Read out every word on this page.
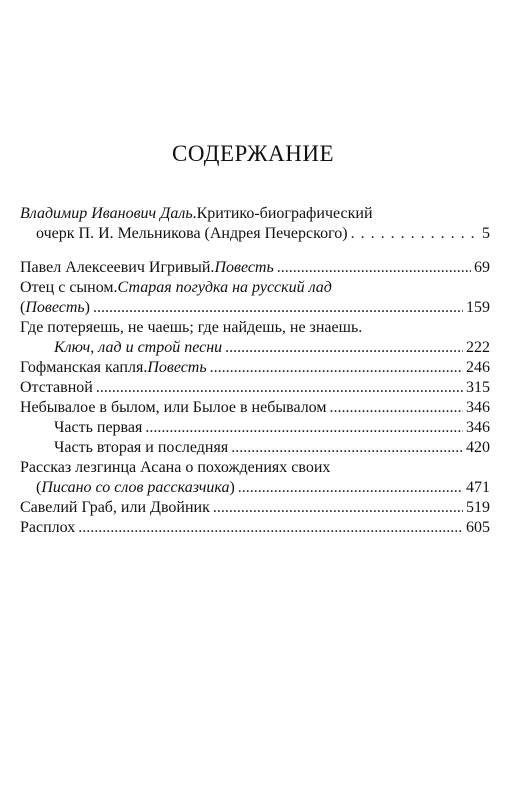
СОДЕРЖАНИЕ
Владимир Иванович Даль . Критико-биографический
очерк П. И. Мельникова (Андрея Печерского) . . .	5
Павел Алексеевич Игривый. Повесть .....	69
Отец с сыном. Старая погудка на русский лад
( Повесть ) .....	159
Где потеряешь, не чаешь; где найдешь, не знаешь.
Ключ, лад и строй песни .....	222
Гофманская капля. Повесть .....	246
Отставной .....	315
Небывалое в былом, или Былое в небывалом .....	346
Часть первая .....	346
Часть вторая и последняя .....	420
Рассказ лезгинца Асана о похождениях своих
( Писано со слов рассказчика ) .....	471
Савелий Граб, или Двойник .....	519
Расплох .....	605
